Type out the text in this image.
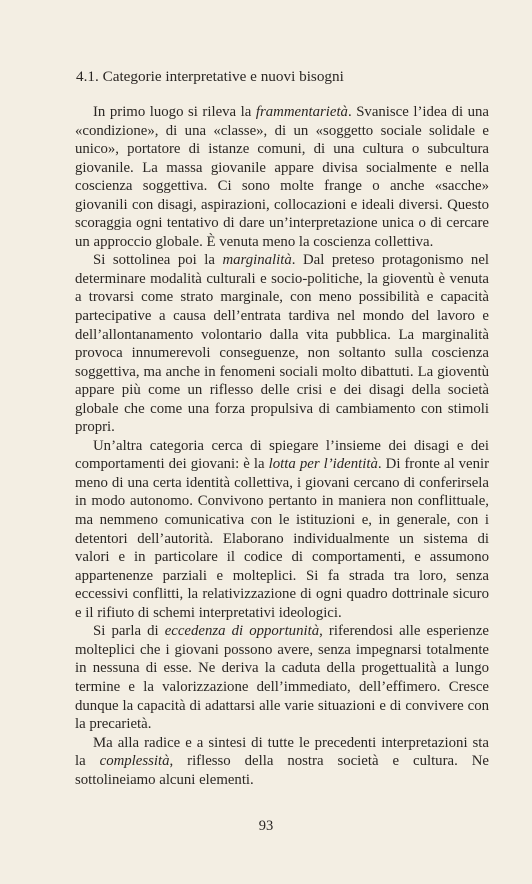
4.1. Categorie interpretative e nuovi bisogni

In primo luogo si rileva la frammentarietà. Svanisce l’idea di una «condizione», di una «classe», di un «soggetto sociale solidale e unico», portatore di istanze comuni, di una cultura o subcultura giovanile. La massa giovanile appare divisa socialmente e nella coscienza soggettiva. Ci sono molte frange o anche «sacche» giovanili con disagi, aspirazioni, collocazioni e ideali diversi. Questo scoraggia ogni tentativo di dare un’interpretazione unica o di cercare un approccio globale. È venuta meno la coscienza collettiva.

Si sottolinea poi la marginalità. Dal preteso protagonismo nel determinare modalità culturali e socio-politiche, la gioventù è venuta a trovarsi come strato marginale, con meno possibilità e capacità partecipative a causa dell’entrata tardiva nel mondo del lavoro e dell’allontanamento volontario dalla vita pubblica. La marginalità provoca innumerevoli conseguenze, non soltanto sulla coscienza soggettiva, ma anche in fenomeni sociali molto dibattuti. La gioventù appare più come un riflesso delle crisi e dei disagi della società globale che come una forza propulsiva di cambiamento con stimoli propri.

Un’altra categoria cerca di spiegare l’insieme dei disagi e dei comportamenti dei giovani: è la lotta per l’identità. Di fronte al venir meno di una certa identità collettiva, i giovani cercano di conferirsela in modo autonomo. Convivono pertanto in maniera non conflittuale, ma nemmeno comunicativa con le istituzioni e, in generale, con i detentori dell’autorità. Elaborano individualmente un sistema di valori e in particolare il codice di comportamenti, e assumono appartenenze parziali e molteplici. Si fa strada tra loro, senza eccessivi conflitti, la relativizzazione di ogni quadro dottrinale sicuro e il rifiuto di schemi interpretativi ideologici.

Si parla di eccedenza di opportunità, riferendosi alle esperienze molteplici che i giovani possono avere, senza impegnarsi totalmente in nessuna di esse. Ne deriva la caduta della progettualità a lungo termine e la valorizzazione dell’immediato, dell’effimero. Cresce dunque la capacità di adattarsi alle varie situazioni e di convivere con la precarietà.

Ma alla radice e a sintesi di tutte le precedenti interpretazioni sta la complessità, riflesso della nostra società e cultura. Ne sottolineiamo alcuni elementi.

93
